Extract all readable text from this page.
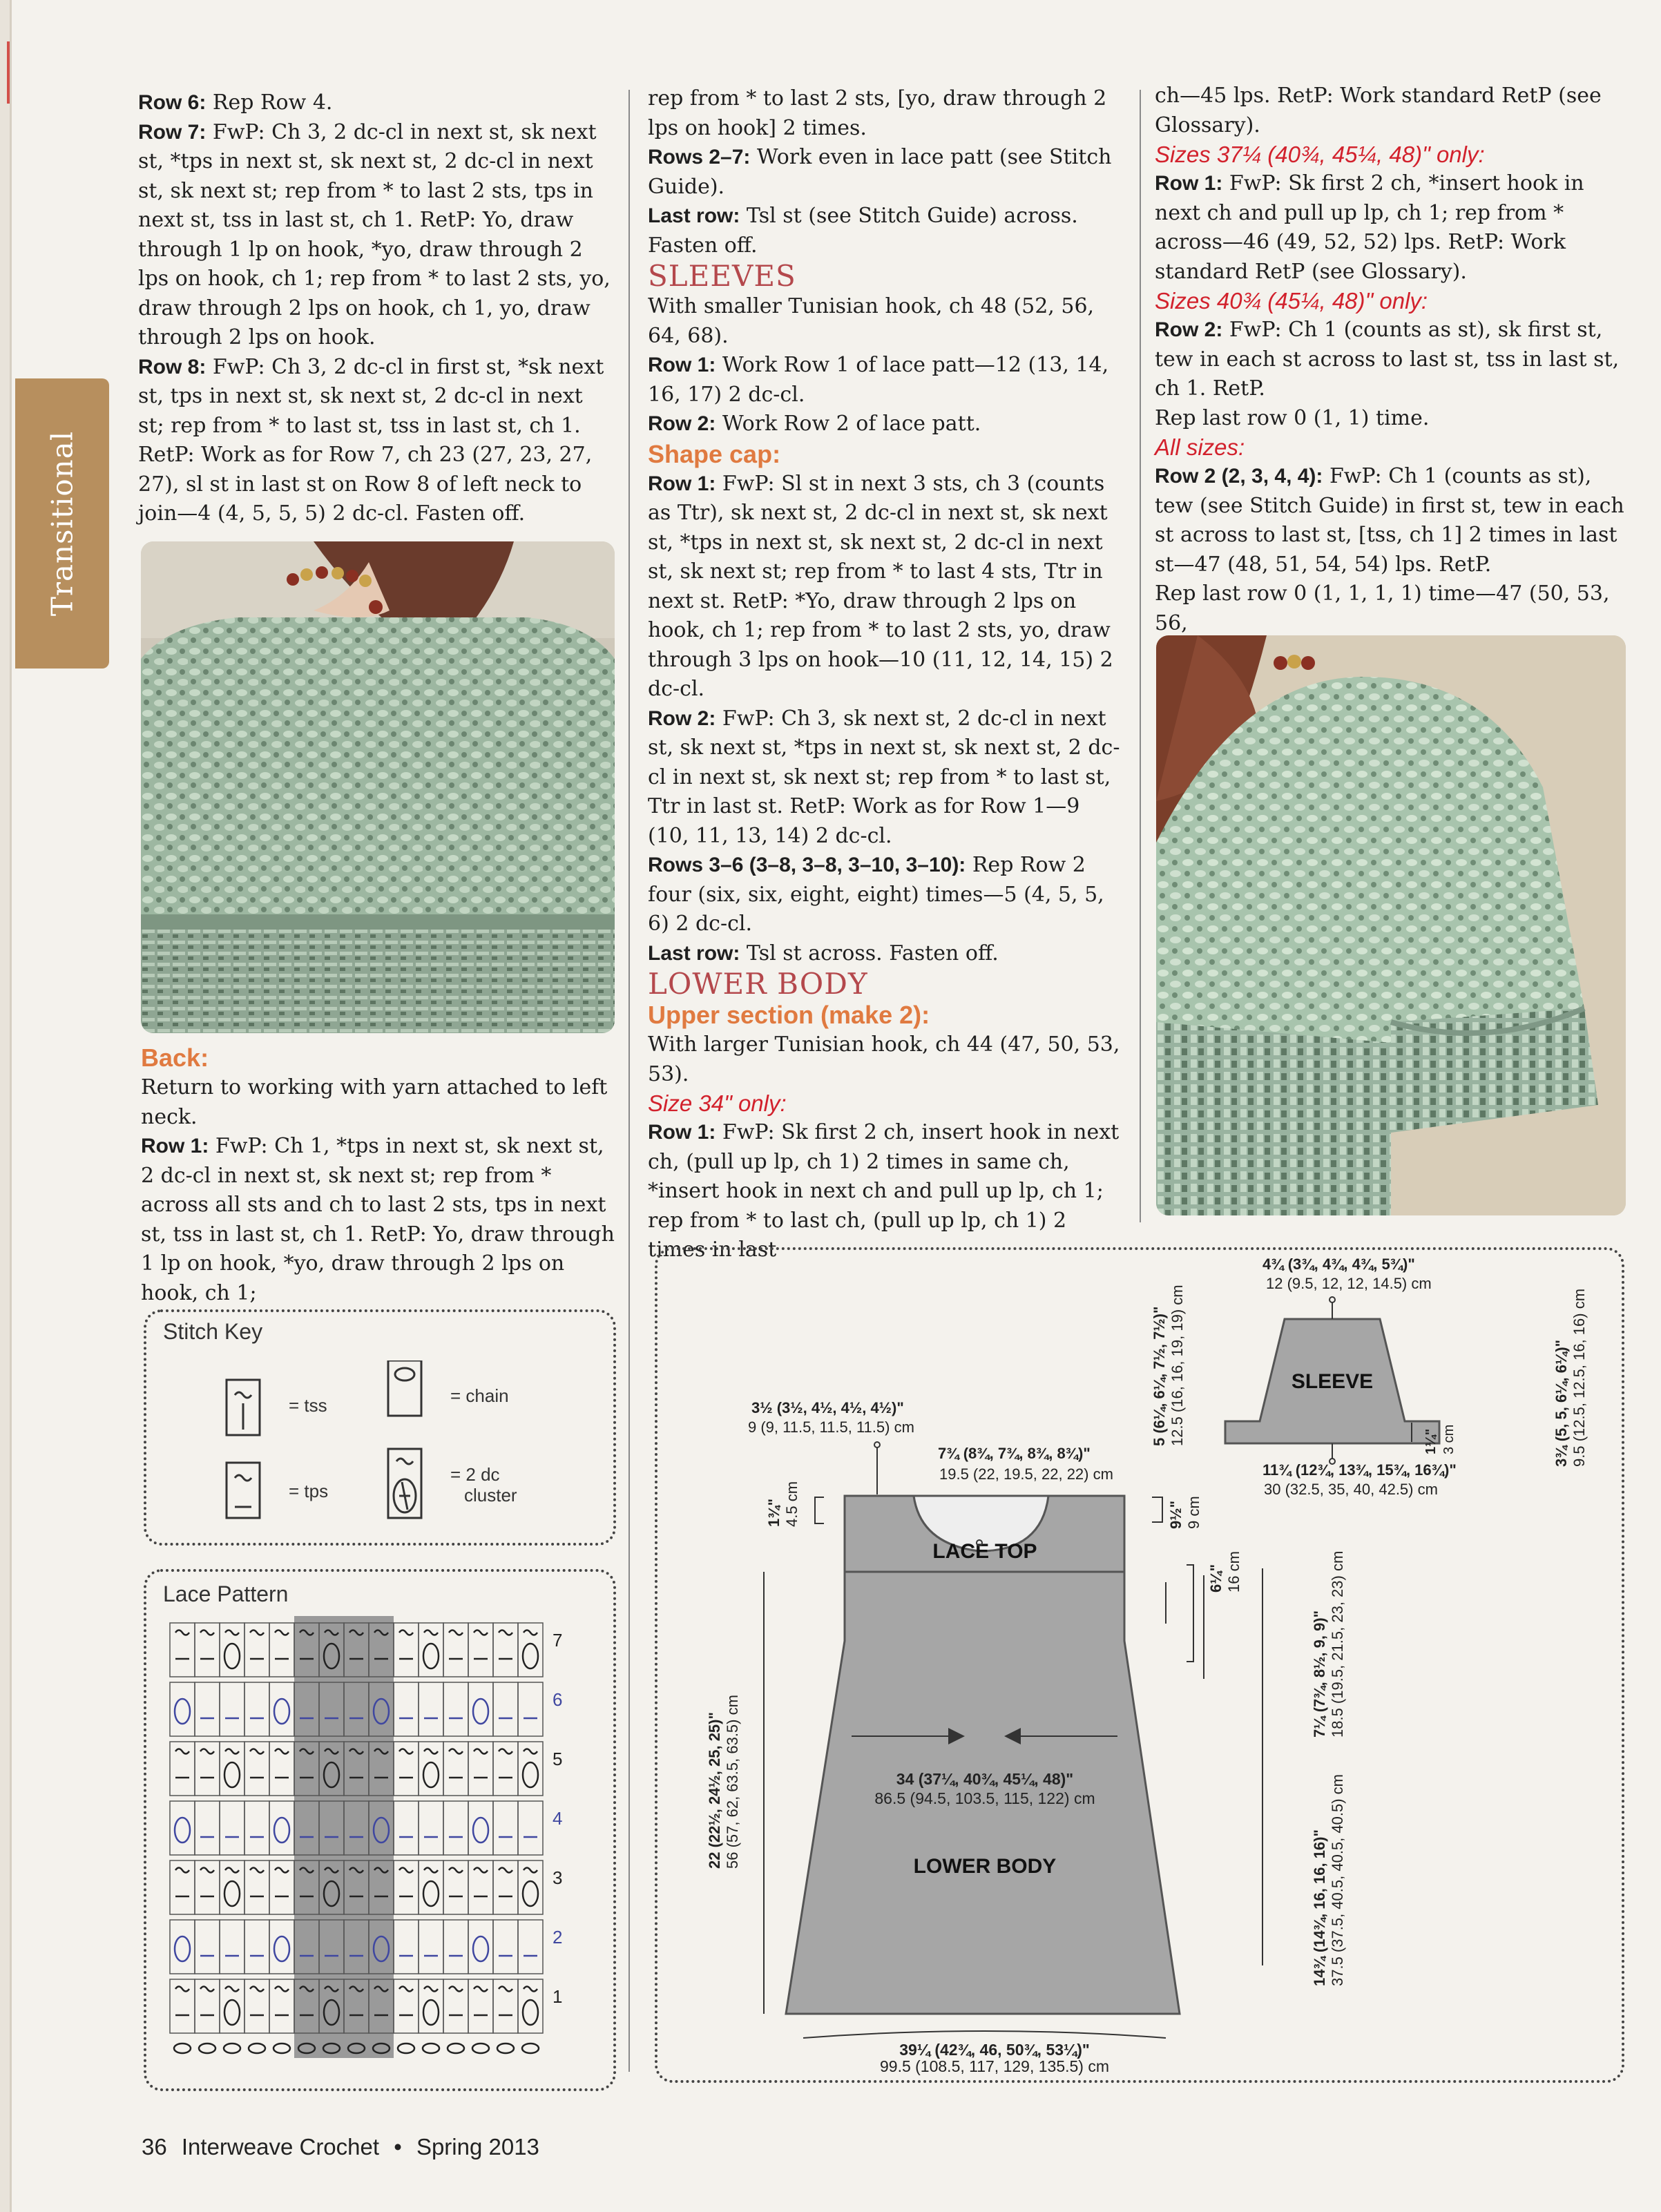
Transitional

Row 6: Rep Row 4.

Row 7: FwP: Ch 3, 2 dc-cl in next st, sk next st, *tps in next st, sk next st, 2 dc-cl in next st, sk next st; rep from * to last 2 sts, tps in next st, tss in last st, ch 1. RetP: Yo, draw through 1 lp on hook, *yo, draw through 2 lps on hook, ch 1; rep from * to last 2 sts, yo, draw through 2 lps on hook, ch 1, yo, draw through 2 lps on hook.

Row 8: FwP: Ch 3, 2 dc-cl in first st, *sk next st, tps in next st, sk next st, 2 dc-cl in next st; rep from * to last st, tss in last st, ch 1. RetP: Work as for Row 7, ch 23 (27, 23, 27, 27), sl st in last st on Row 8 of left neck to join—4 (4, 5, 5, 5) 2 dc-cl. Fasten off.

Back:

Return to working with yarn attached to left neck.

Row 1: FwP: Ch 1, *tps in next st, sk next st, 2 dc-cl in next st, sk next st; rep from * across all sts and ch to last 2 sts, tps in next st, tss in last st, ch 1. RetP: Yo, draw through 1 lp on hook, *yo, draw through 2 lps on hook, ch 1;

Stitch Key
= tss
= tps
= chain
= 2 dc
cluster
Lace Pattern
7
6
5
4
3
2
1

rep from * to last 2 sts, [yo, draw through 2 lps on hook] 2 times.

Rows 2–7: Work even in lace patt (see Stitch Guide).

Last row: Tsl st (see Stitch Guide) across. Fasten off.

SLEEVES

With smaller Tunisian hook, ch 48 (52, 56, 64, 68).

Row 1: Work Row 1 of lace patt—12 (13, 14, 16, 17) 2 dc-cl.

Row 2: Work Row 2 of lace patt.

Shape cap:

Row 1: FwP: Sl st in next 3 sts, ch 3 (counts as Ttr), sk next st, 2 dc-cl in next st, sk next st, *tps in next st, sk next st, 2 dc-cl in next st, sk next st; rep from * to last 4 sts, Ttr in next st. RetP: *Yo, draw through 2 lps on hook, ch 1; rep from * to last 2 sts, yo, draw through 3 lps on hook—10 (11, 12, 14, 15) 2 dc-cl.

Row 2: FwP: Ch 3, sk next st, 2 dc-cl in next st, sk next st, *tps in next st, sk next st, 2 dc-cl in next st, sk next st; rep from * to last st, Ttr in last st. RetP: Work as for Row 1—9 (10, 11, 13, 14) 2 dc-cl.

Rows 3–6 (3–8, 3–8, 3–10, 3–10): Rep Row 2 four (six, six, eight, eight) times—5 (4, 5, 5, 6) 2 dc-cl.

Last row: Tsl st across. Fasten off.

LOWER BODY

Upper section (make 2):

With larger Tunisian hook, ch 44 (47, 50, 53, 53).

Size 34" only:

Row 1: FwP: Sk first 2 ch, insert hook in next ch, (pull up lp, ch 1) 2 times in same ch, *insert hook in next ch and pull up lp, ch 1; rep from * to last ch, (pull up lp, ch 1) 2 times in last

ch—45 lps. RetP: Work standard RetP (see Glossary).

Sizes 37¼ (40¾, 45¼, 48)" only:

Row 1: FwP: Sk first 2 ch, *insert hook in next ch and pull up lp, ch 1; rep from * across—46 (49, 52, 52) lps. RetP: Work standard RetP (see Glossary).

Sizes 40¾ (45¼, 48)" only:

Row 2: FwP: Ch 1 (counts as st), sk first st, tew in each st across to last st, tss in last st, ch 1. RetP.

Rep last row 0 (1, 1) time.

All sizes:

Row 2 (2, 3, 4, 4): FwP: Ch 1 (counts as st), tew (see Stitch Guide) in first st, tew in each st across to last st, [tss, ch 1] 2 times in last st—47 (48, 51, 54, 54) lps. RetP.

Rep last row 0 (1, 1, 1, 1) time—47 (50, 53, 56,

LACE TOP
LOWER BODY
34 (37¼, 40¾, 45¼, 48)"
86.5 (94.5, 103.5, 115, 122) cm
39¼ (42¾, 46, 50¾, 53¼)"
99.5 (108.5, 117, 129, 135.5) cm
3½ (3½, 4½, 4½, 4½)"
9 (9, 11.5, 11.5, 11.5) cm
7¾ (8¾, 7¾, 8¾, 8¾)"
19.5 (22, 19.5, 22, 22) cm
1¾" 4.5 cm	9½" 9 cm
6¼" 16 cm
22 (22½, 24½, 25, 25)" 56 (57, 62, 63.5, 63.5) cm
7¼ (7¾, 8½, 9, 9)" 18.5 (19.5, 21.5, 23, 23) cm
14¾ (14¾, 16, 16, 16)" 37.5 (37.5, 40.5, 40.5, 40.5) cm
SLEEVE
4¾ (3¾, 4¾, 4¾, 5¾)"
12 (9.5, 12, 12, 14.5) cm
11¾ (12¾, 13¾, 15¾, 16¾)"
30 (32.5, 35, 40, 42.5) cm
5 (6¼, 6¼, 7½, 7½)" 12.5 (16, 16, 19, 19) cm	1¼" 3 cm	3¾ (5, 5, 6¼, 6¼)" 9.5 (12.5, 12.5, 16, 16) cm
36 Interweave Crochet • Spring 2013
